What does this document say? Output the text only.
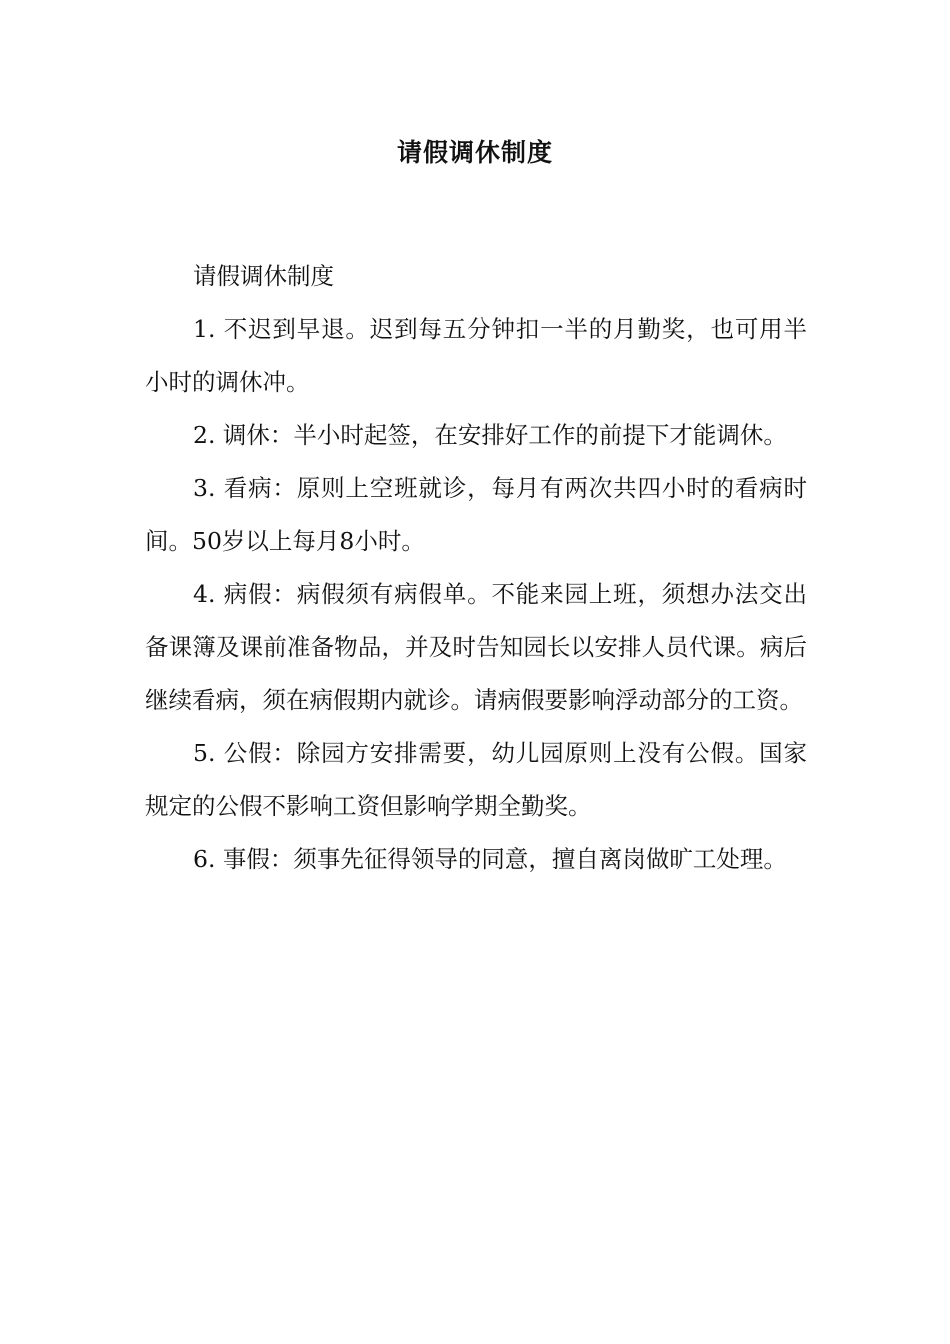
请假调休制度

请假调休制度

1. 不迟到早退。迟到每五分钟扣一半的月勤奖，也可用半小时的调休冲。

2. 调休：半小时起签，在安排好工作的前提下才能调休。

3. 看病：原则上空班就诊，每月有两次共四小时的看病时间。50岁以上每月8小时。

4. 病假：病假须有病假单。不能来园上班，须想办法交出备课簿及课前准备物品，并及时告知园长以安排人员代课。病后继续看病，须在病假期内就诊。请病假要影响浮动部分的工资。

5. 公假：除园方安排需要，幼儿园原则上没有公假。国家规定的公假不影响工资但影响学期全勤奖。

6. 事假：须事先征得领导的同意，擅自离岗做旷工处理。
